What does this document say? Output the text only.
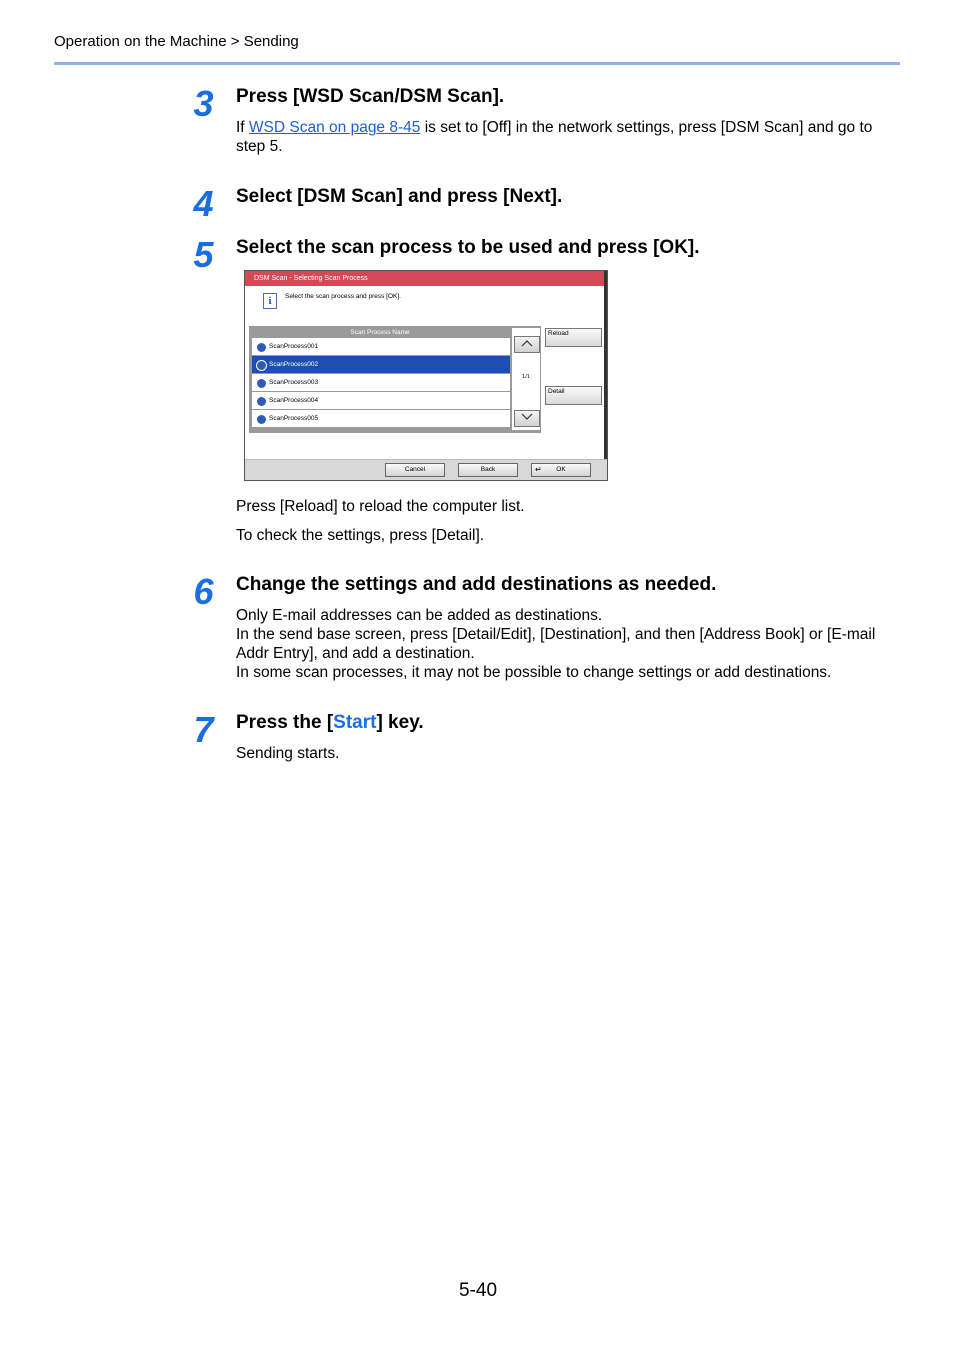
Operation on the Machine > Sending
3 Press [WSD Scan/DSM Scan].

If WSD Scan on page 8-45 is set to [Off] in the network settings, press [DSM Scan] and go to step 5.

4 Select [DSM Scan] and press [Next].
5 Select the scan process to be used and press [OK].
DSM Scan - Selecting Scan Process
i	Select the scan process and press [OK].
Scan Process Name
ScanProcess001
ScanProcess002
ScanProcess003
ScanProcess004
ScanProcess005
1/1
Reload
Detail
Cancel	Back	↵ OK
Press [Reload] to reload the computer list.
To check the settings, press [Detail].
6 Change the settings and add destinations as needed.

Only E-mail addresses can be added as destinations.

In the send base screen, press [Detail/Edit], [Destination], and then [Address Book] or [E-mail Addr Entry], and add a destination.

In some scan processes, it may not be possible to change settings or add destinations.

7 Press the [Start] key.
Sending starts.
5-40
